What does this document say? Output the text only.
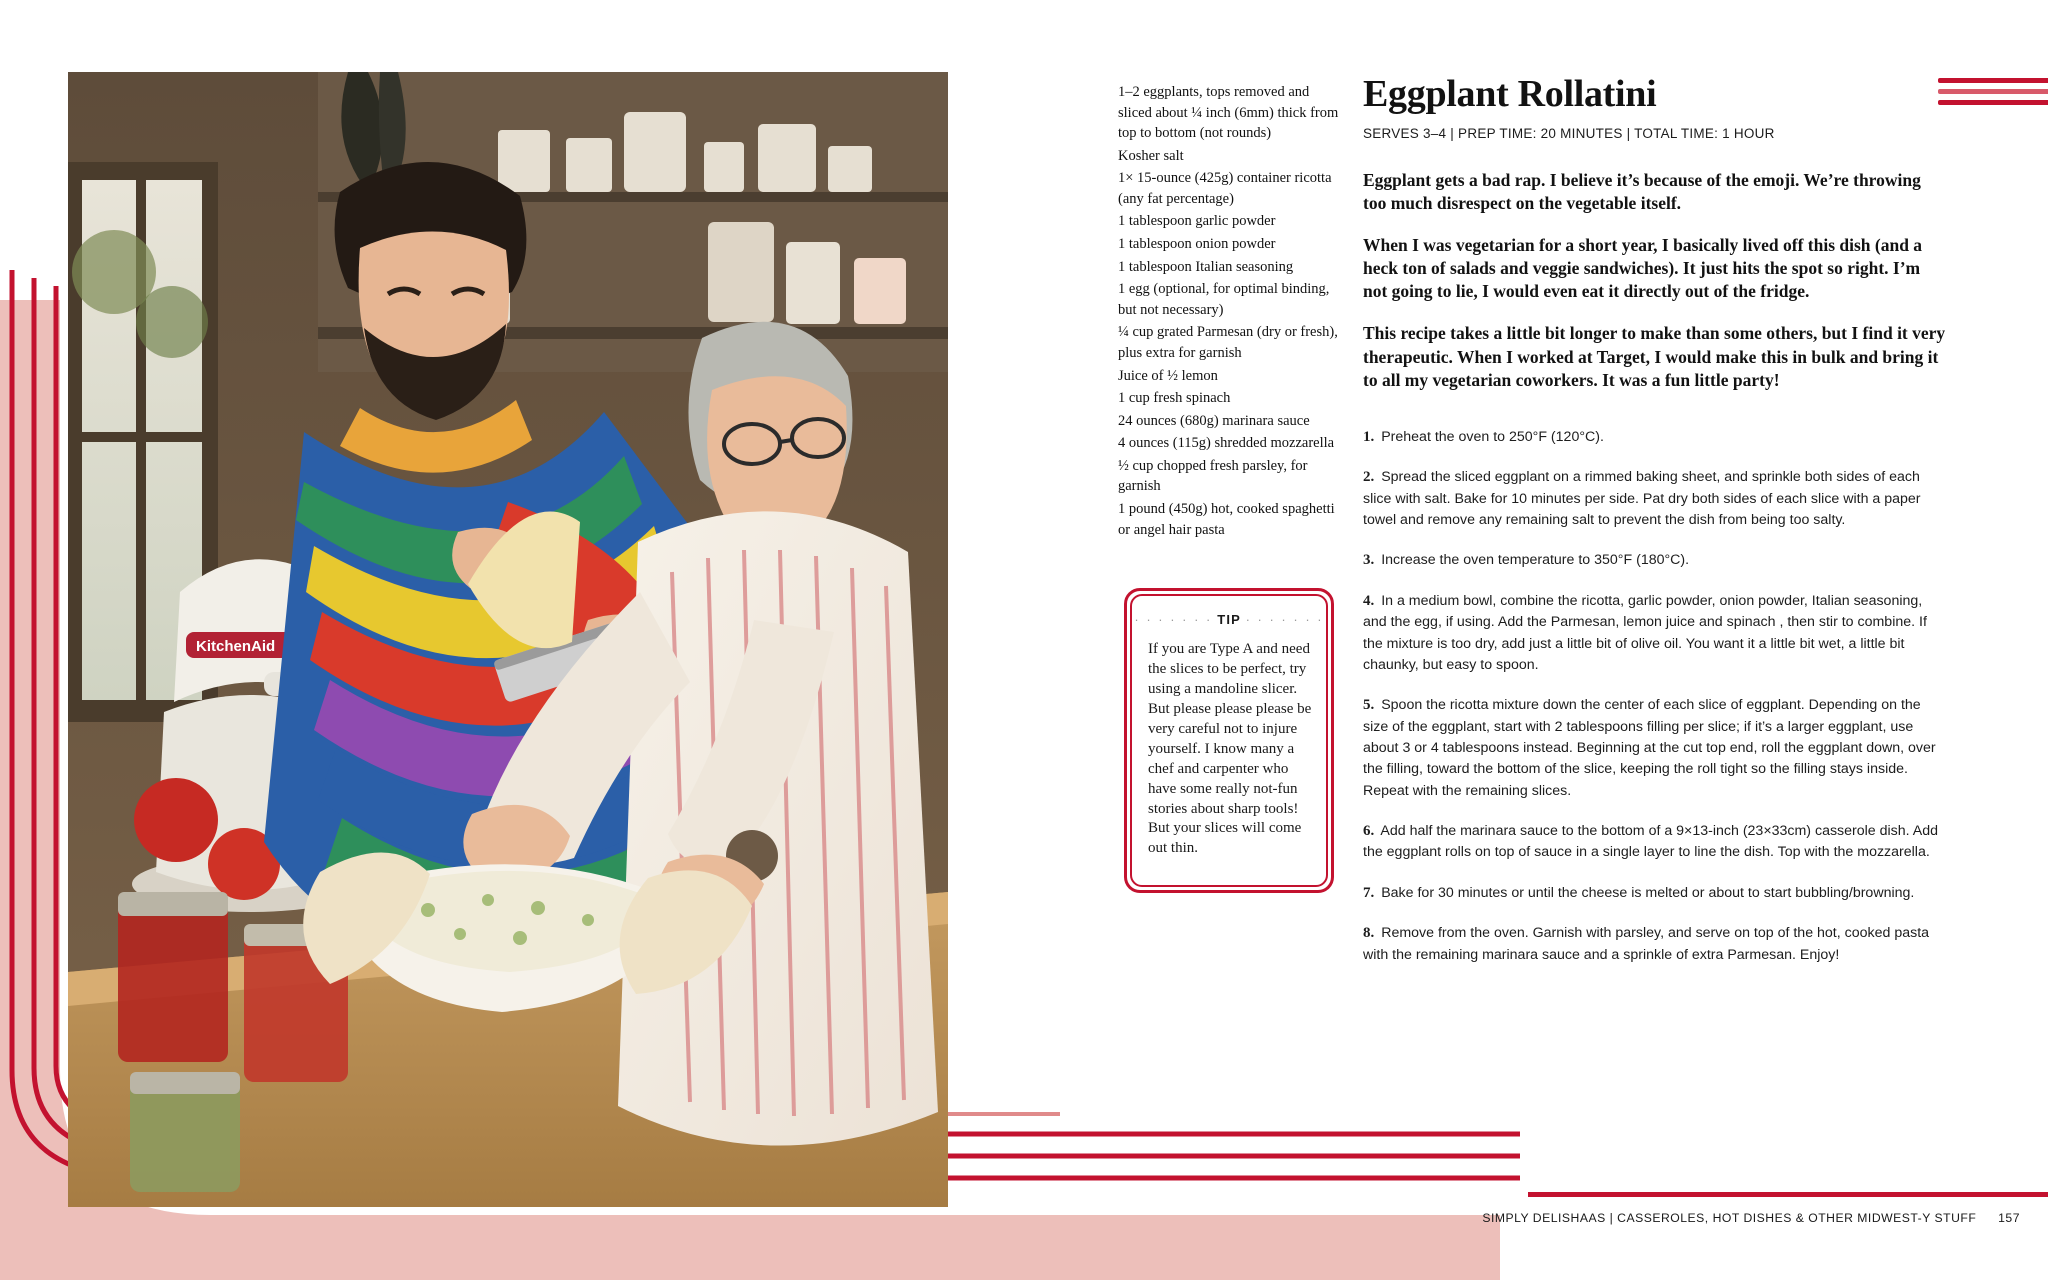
KitchenAid
1–2 eggplants, tops removed and sliced about ¼ inch (6mm) thick from top to bottom (not rounds)
Kosher salt
1× 15-ounce (425g) container ricotta (any fat percentage)
1 tablespoon garlic powder
1 tablespoon onion powder
1 tablespoon Italian seasoning
1 egg (optional, for optimal binding, but not necessary)
¼ cup grated Parmesan (dry or fresh), plus extra for garnish
Juice of ½ lemon
1 cup fresh spinach
24 ounces (680g) marinara sauce
4 ounces (115g) shredded mozzarella
½ cup chopped fresh parsley, for garnish
1 pound (450g) hot, cooked spaghetti or angel hair pasta
· · · · · · · TIP · · · · · · ·
If you are Type A and need the slices to be perfect, try using a mandoline slicer. But please please please be very careful not to injure yourself. I know many a chef and carpenter who have some really not-fun stories about sharp tools! But your slices will come out thin.
Eggplant Rollatini
SERVES 3–4 | PREP TIME: 20 MINUTES | TOTAL TIME: 1 HOUR

Eggplant gets a bad rap. I believe it’s because of the emoji. We’re throwing too much disrespect on the vegetable itself.

When I was vegetarian for a short year, I basically lived off this dish (and a heck ton of salads and veggie sandwiches). It just hits the spot so right. I’m not going to lie, I would even eat it directly out of the fridge.

This recipe takes a little bit longer to make than some others, but I find it very therapeutic. When I worked at Target, I would make this in bulk and bring it to all my vegetarian coworkers. It was a fun little party!

1. Preheat the oven to 250°F (120°C).

2. Spread the sliced eggplant on a rimmed baking sheet, and sprinkle both sides of each slice with salt. Bake for 10 minutes per side. Pat dry both sides of each slice with a paper towel and remove any remaining salt to prevent the dish from being too salty.

3. Increase the oven temperature to 350°F (180°C).

4. In a medium bowl, combine the ricotta, garlic powder, onion powder, Italian seasoning, and the egg, if using. Add the Parmesan, lemon juice and spinach , then stir to combine. If the mixture is too dry, add just a little bit of olive oil. You want it a little bit wet, a little bit chaunky, but easy to spoon.

5. Spoon the ricotta mixture down the center of each slice of eggplant. Depending on the size of the eggplant, start with 2 tablespoons filling per slice; if it’s a larger eggplant, use about 3 or 4 tablespoons instead. Beginning at the cut top end, roll the eggplant down, over the filling, toward the bottom of the slice, keeping the roll tight so the filling stays inside. Repeat with the remaining slices.

6. Add half the marinara sauce to the bottom of a 9×13-inch (23×33cm) casserole dish. Add the eggplant rolls on top of sauce in a single layer to line the dish. Top with the mozzarella.

7. Bake for 30 minutes or until the cheese is melted or about to start bubbling/browning.

8. Remove from the oven. Garnish with parsley, and serve on top of the hot, cooked pasta with the remaining marinara sauce and a sprinkle of extra Parmesan. Enjoy!

SIMPLY DELISHAAS | CASSEROLES, HOT DISHES & OTHER MIDWEST-Y STUFF 157
